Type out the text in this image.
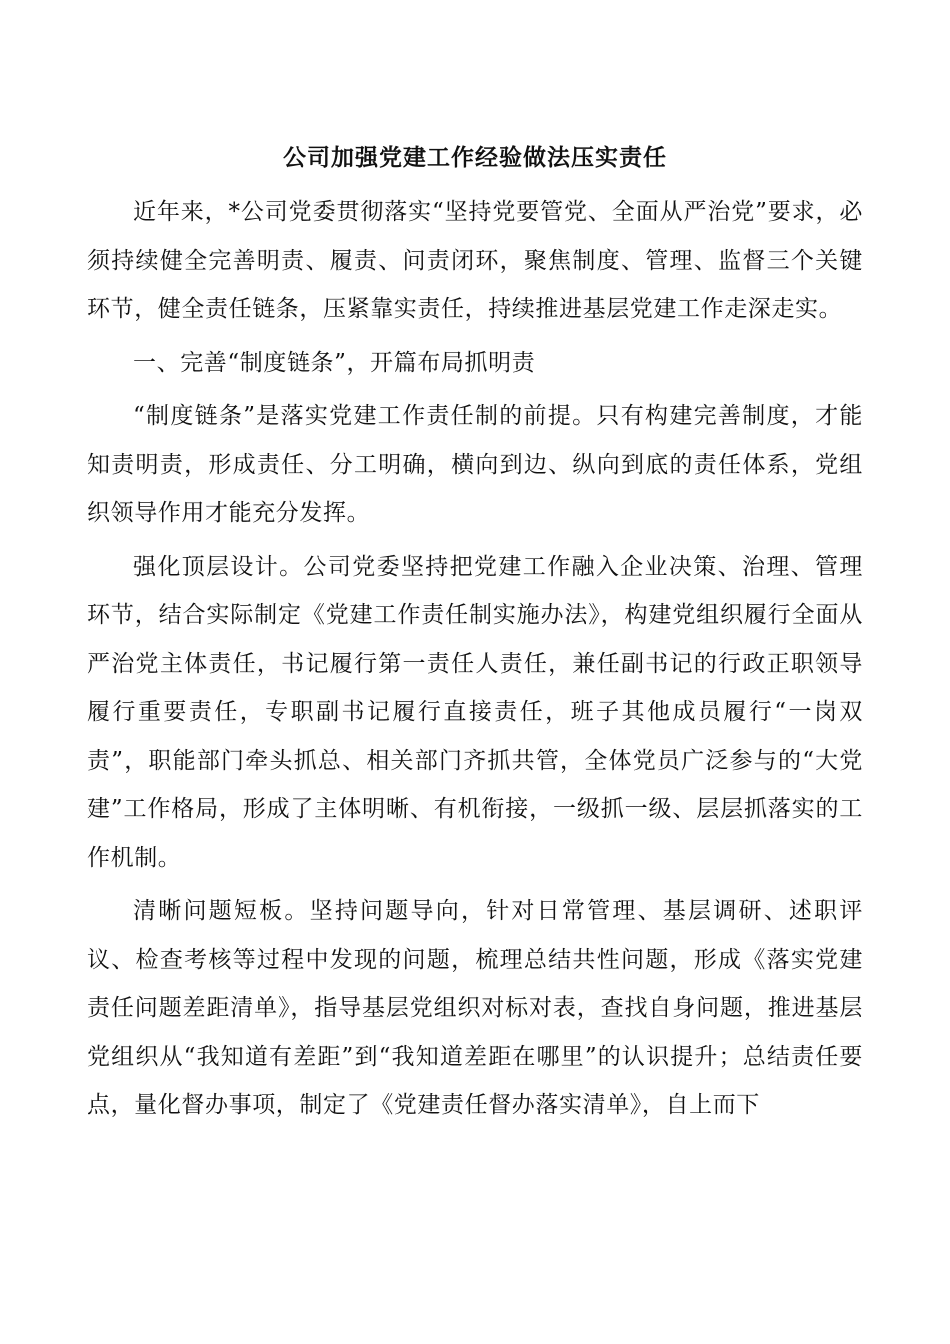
公司加强党建工作经验做法压实责任

近年来，*公司党委贯彻落实“坚持党要管党、全面从严治党”要求，必须持续健全完善明责、履责、问责闭环，聚焦制度、管理、监督三个关键环节，健全责任链条，压紧靠实责任，持续推进基层党建工作走深走实。

一、完善“制度链条”，开篇布局抓明责

“制度链条”是落实党建工作责任制的前提。只有构建完善制度，才能知责明责，形成责任、分工明确，横向到边、纵向到底的责任体系，党组织领导作用才能充分发挥。

强化顶层设计。公司党委坚持把党建工作融入企业决策、治理、管理环节，结合实际制定《党建工作责任制实施办法》，构建党组织履行全面从严治党主体责任，书记履行第一责任人责任，兼任副书记的行政正职领导履行重要责任，专职副书记履行直接责任，班子其他成员履行“一岗双责”，职能部门牵头抓总、相关部门齐抓共管，全体党员广泛参与的“大党建”工作格局，形成了主体明晰、有机衔接，一级抓一级、层层抓落实的工作机制。

清晰问题短板。坚持问题导向，针对日常管理、基层调研、述职评议、检查考核等过程中发现的问题，梳理总结共性问题，形成《落实党建责任问题差距清单》，指导基层党组织对标对表，查找自身问题，推进基层党组织从“我知道有差距”到“我知道差距在哪里”的认识提升；总结责任要点，量化督办事项，制定了《党建责任督办落实清单》，自上而下
